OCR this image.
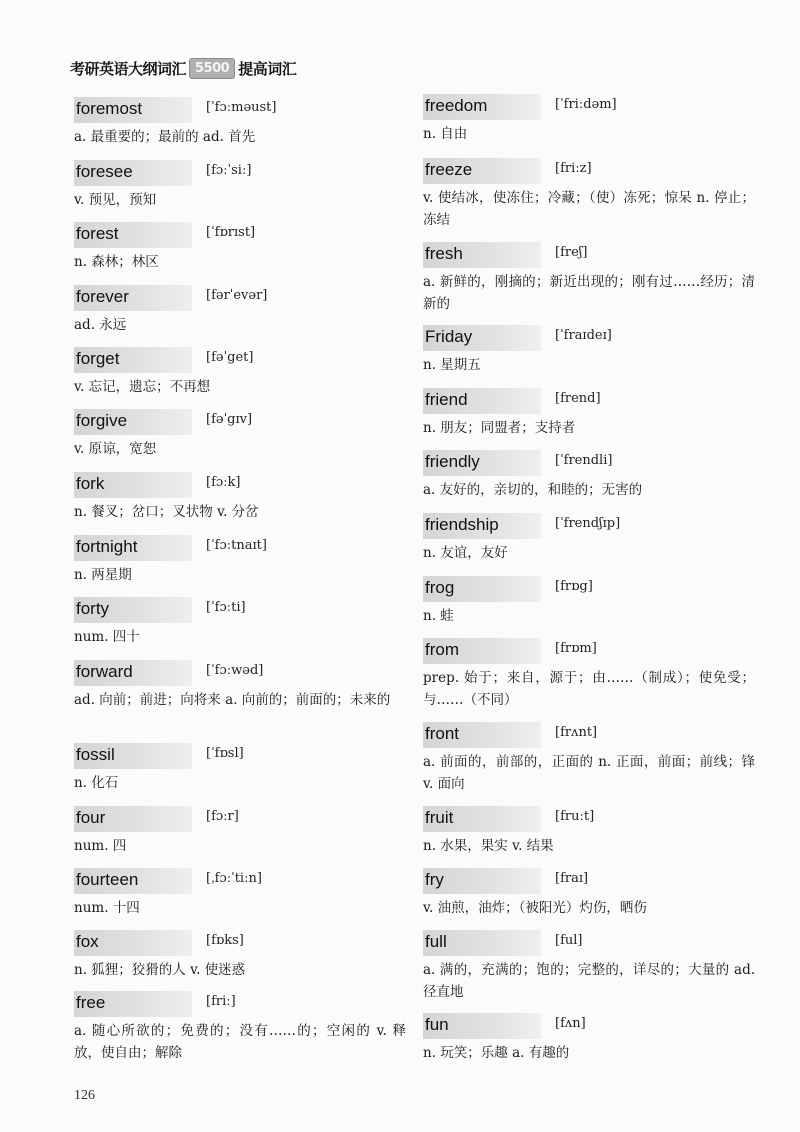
考研英语大纲词汇 5500 提高词汇
foremost	[ˈfɔːməust]
a. 最重要的；最前的 ad. 首先
foresee	[fɔːˈsiː]
v. 预见，预知
forest	[ˈfɒrɪst]
n. 森林；林区
forever	[fərˈevər]
ad. 永远
forget	[fəˈget]
v. 忘记，遗忘；不再想
forgive	[fəˈgɪv]
v. 原谅，宽恕
fork	[fɔːk]
n. 餐叉；岔口；叉状物 v. 分岔
fortnight	[ˈfɔːtnaɪt]
n. 两星期
forty	[ˈfɔːti]
num. 四十
forward	[ˈfɔːwəd]
ad. 向前；前进；向将来 a. 向前的；前面的；未来的
fossil	[ˈfɒsl]
n. 化石
four	[fɔːr]
num. 四
fourteen	[ˌfɔːˈtiːn]
num. 十四
fox	[fɒks]
n. 狐狸；狡猾的人 v. 使迷惑
free	[friː]
a. 随心所欲的；免费的；没有……的；空闲的 v. 释放，使自由；解除
freedom	[ˈfriːdəm]
n. 自由
freeze	[friːz]
v. 使结冰，使冻住；冷藏；（使）冻死；惊呆 n. 停止；冻结
fresh	[freʃ]
a. 新鲜的，刚摘的；新近出现的；刚有过……经历；清新的
Friday	[ˈfraɪdeɪ]
n. 星期五
friend	[frend]
n. 朋友；同盟者；支持者
friendly	[ˈfrendli]
a. 友好的，亲切的，和睦的；无害的
friendship	[ˈfrendʃɪp]
n. 友谊，友好
frog	[frɒg]
n. 蛙
from	[frɒm]
prep. 始于；来自，源于；由……（制成）；使免受；与……（不同）
front	[frʌnt]
a. 前面的，前部的，正面的 n. 正面，前面；前线；锋 v. 面向
fruit	[fruːt]
n. 水果，果实 v. 结果
fry	[fraɪ]
v. 油煎，油炸；（被阳光）灼伤，晒伤
full	[ful]
a. 满的，充满的；饱的；完整的，详尽的；大量的 ad. 径直地
fun	[fʌn]
n. 玩笑；乐趣 a. 有趣的
126
